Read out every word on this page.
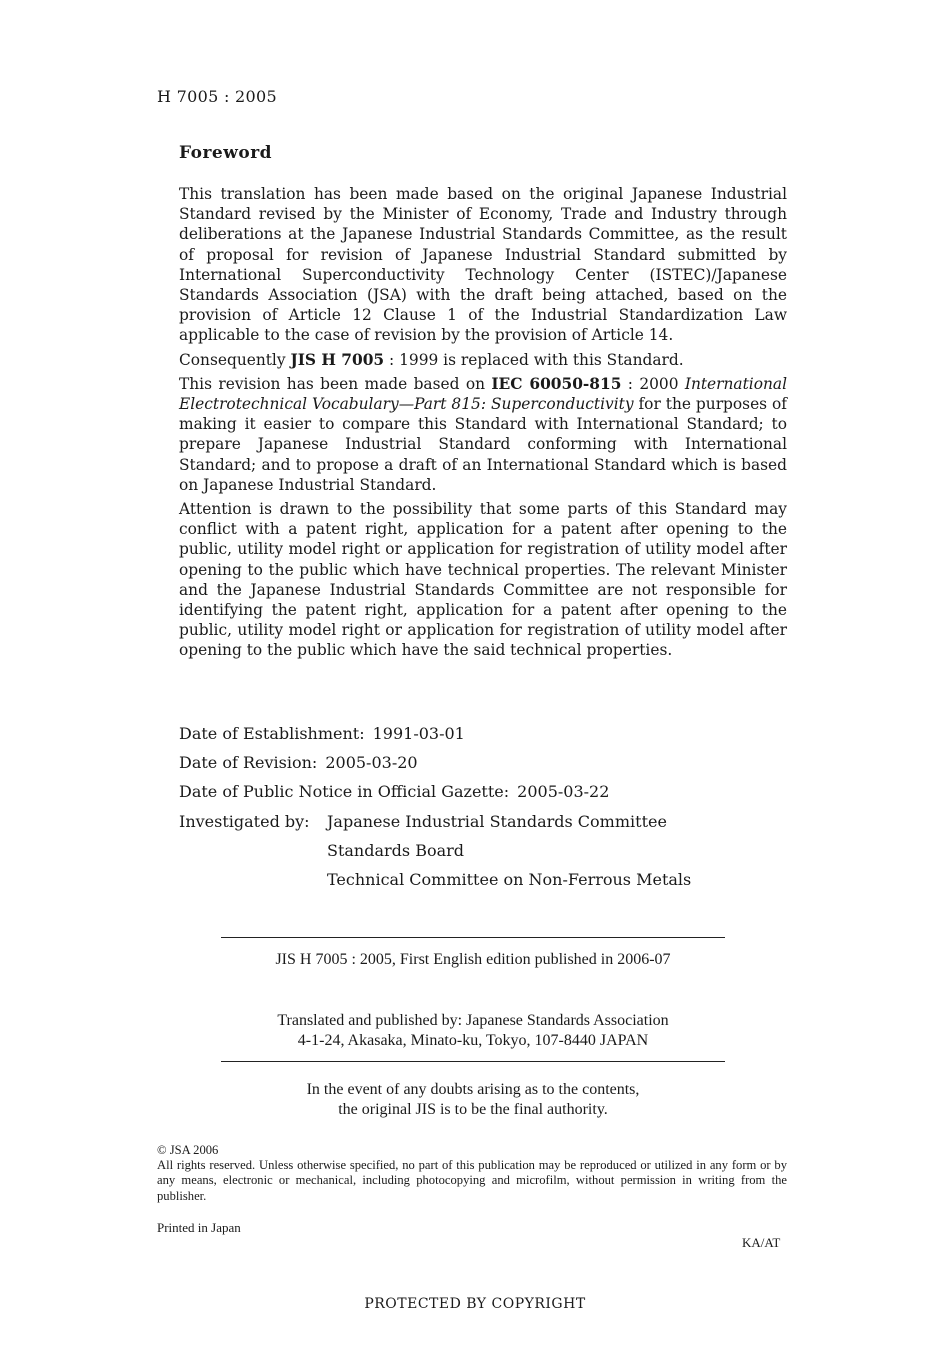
H 7005 : 2005
Foreword

This translation has been made based on the original Japanese Industrial Standard revised by the Minister of Economy, Trade and Industry through deliberations at the Japanese Industrial Standards Committee, as the result of proposal for revision of Japanese Industrial Standard submitted by International Superconductivity Technology Center (ISTEC)/Japanese Standards Association (JSA) with the draft being attached, based on the provision of Article 12 Clause 1 of the Industrial Standardization Law applicable to the case of revision by the provision of Article 14.

Consequently JIS H 7005 : 1999 is replaced with this Standard.

This revision has been made based on IEC 60050-815 : 2000 International Electrotechnical Vocabulary—Part 815: Superconductivity for the purposes of making it easier to compare this Standard with International Standard; to prepare Japanese Industrial Standard conforming with International Standard; and to propose a draft of an International Standard which is based on Japanese Industrial Standard.

Attention is drawn to the possibility that some parts of this Standard may conflict with a patent right, application for a patent after opening to the public, utility model right or application for registration of utility model after opening to the public which have technical properties. The relevant Minister and the Japanese Industrial Standards Committee are not responsible for identifying the patent right, application for a patent after opening to the public, utility model right or application for registration of utility model after opening to the public which have the said technical properties.

Date of Establishment: 1991-03-01
Date of Revision: 2005-03-20
Date of Public Notice in Official Gazette: 2005-03-22
Investigated by:	Japanese Industrial Standards Committee
Standards Board
Technical Committee on Non-Ferrous Metals
JIS H 7005 : 2005, First English edition published in 2006-07
Translated and published by: Japanese Standards Association
4-1-24, Akasaka, Minato-ku, Tokyo, 107-8440 JAPAN
In the event of any doubts arising as to the contents,
the original JIS is to be the final authority.
© JSA 2006
All rights reserved. Unless otherwise specified, no part of this publication may be reproduced or utilized in any form or by any means, electronic or mechanical, including photocopying and microfilm, without permission in writing from the publisher.
Printed in Japan
KA/AT
PROTECTED BY COPYRIGHT
